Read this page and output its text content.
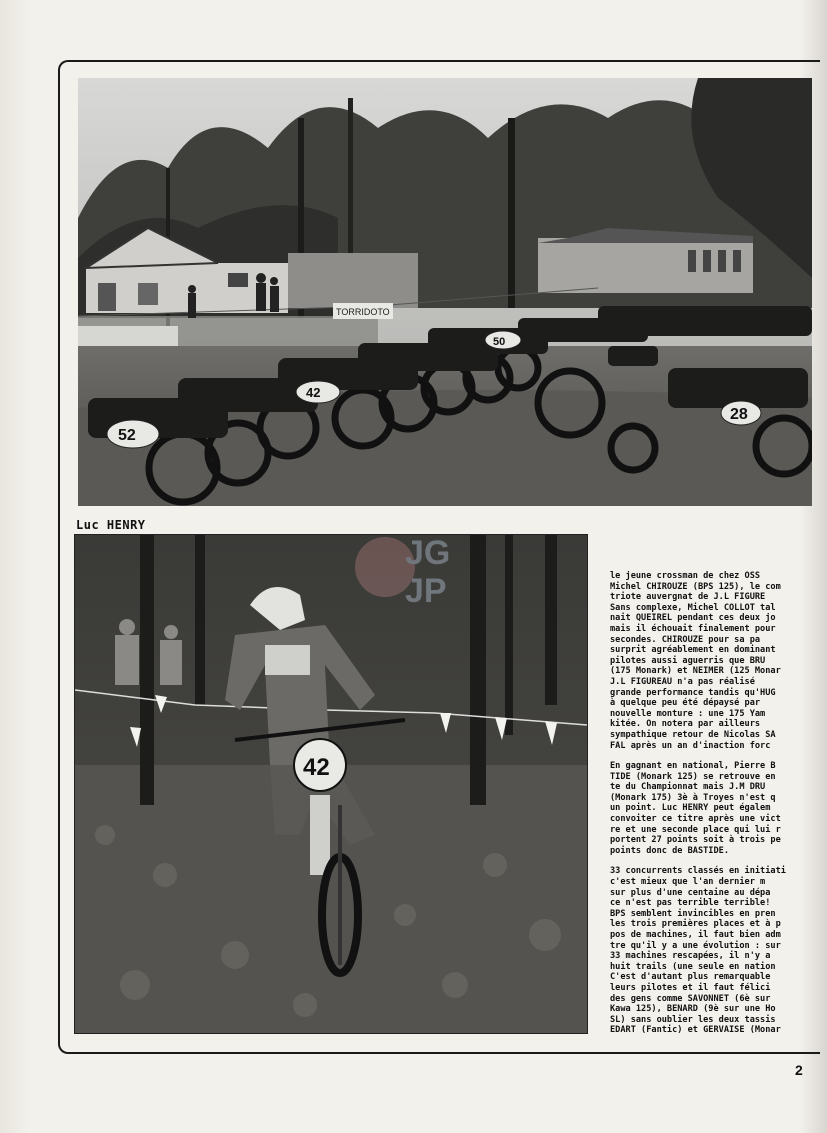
TORRIDOTO
52
42
50
28
Luc HENRY
42
JG
JP	le jeune crossman de chez OSS
Michel CHIROUZE (BPS 125), le com
triote auvergnat de J.L FIGURE
Sans complexe, Michel COLLOT tal
nait QUEIREL pendant ces deux jo
mais il échouait finalement pour
secondes. CHIROUZE pour sa pa
surprit agréablement en dominant
pilotes aussi aguerris que BRU
(175 Monark) et NEIMER (125 Monar
J.L FIGUREAU n'a pas réalisé
grande performance tandis qu'HUG
à quelque peu été dépaysé par
nouvelle monture : une 175 Yam
kitée. On notera par ailleurs
sympathique retour de Nicolas SA
FAL après un an d'inaction forc

En gagnant en national, Pierre B
TIDE (Monark 125) se retrouve en
te du Championnat mais J.M DRU
(Monark 175) 3è à Troyes n'est q
un point. Luc HENRY peut égalem
convoiter ce titre après une vict
re et une seconde place qui lui r
portent 27 points soit à trois pe
points donc de BASTIDE.

33 concurrents classés en initiati
c'est mieux que l'an dernier m
sur plus d'une centaine au dépa
ce n'est pas terrible terrible!
BPS semblent invincibles en pren
les trois premières places et à p
pos de machines, il faut bien adm
tre qu'il y a une évolution : sur
33 machines rescapées, il n'y a
huit trails (une seule en nation
C'est d'autant plus remarquable
leurs pilotes et il faut félici
des gens comme SAVONNET (6è sur
Kawa 125), BENARD (9è sur une Ho
SL) sans oublier les deux tassis
EDART (Fantic) et GERVAISE (Monar

2
